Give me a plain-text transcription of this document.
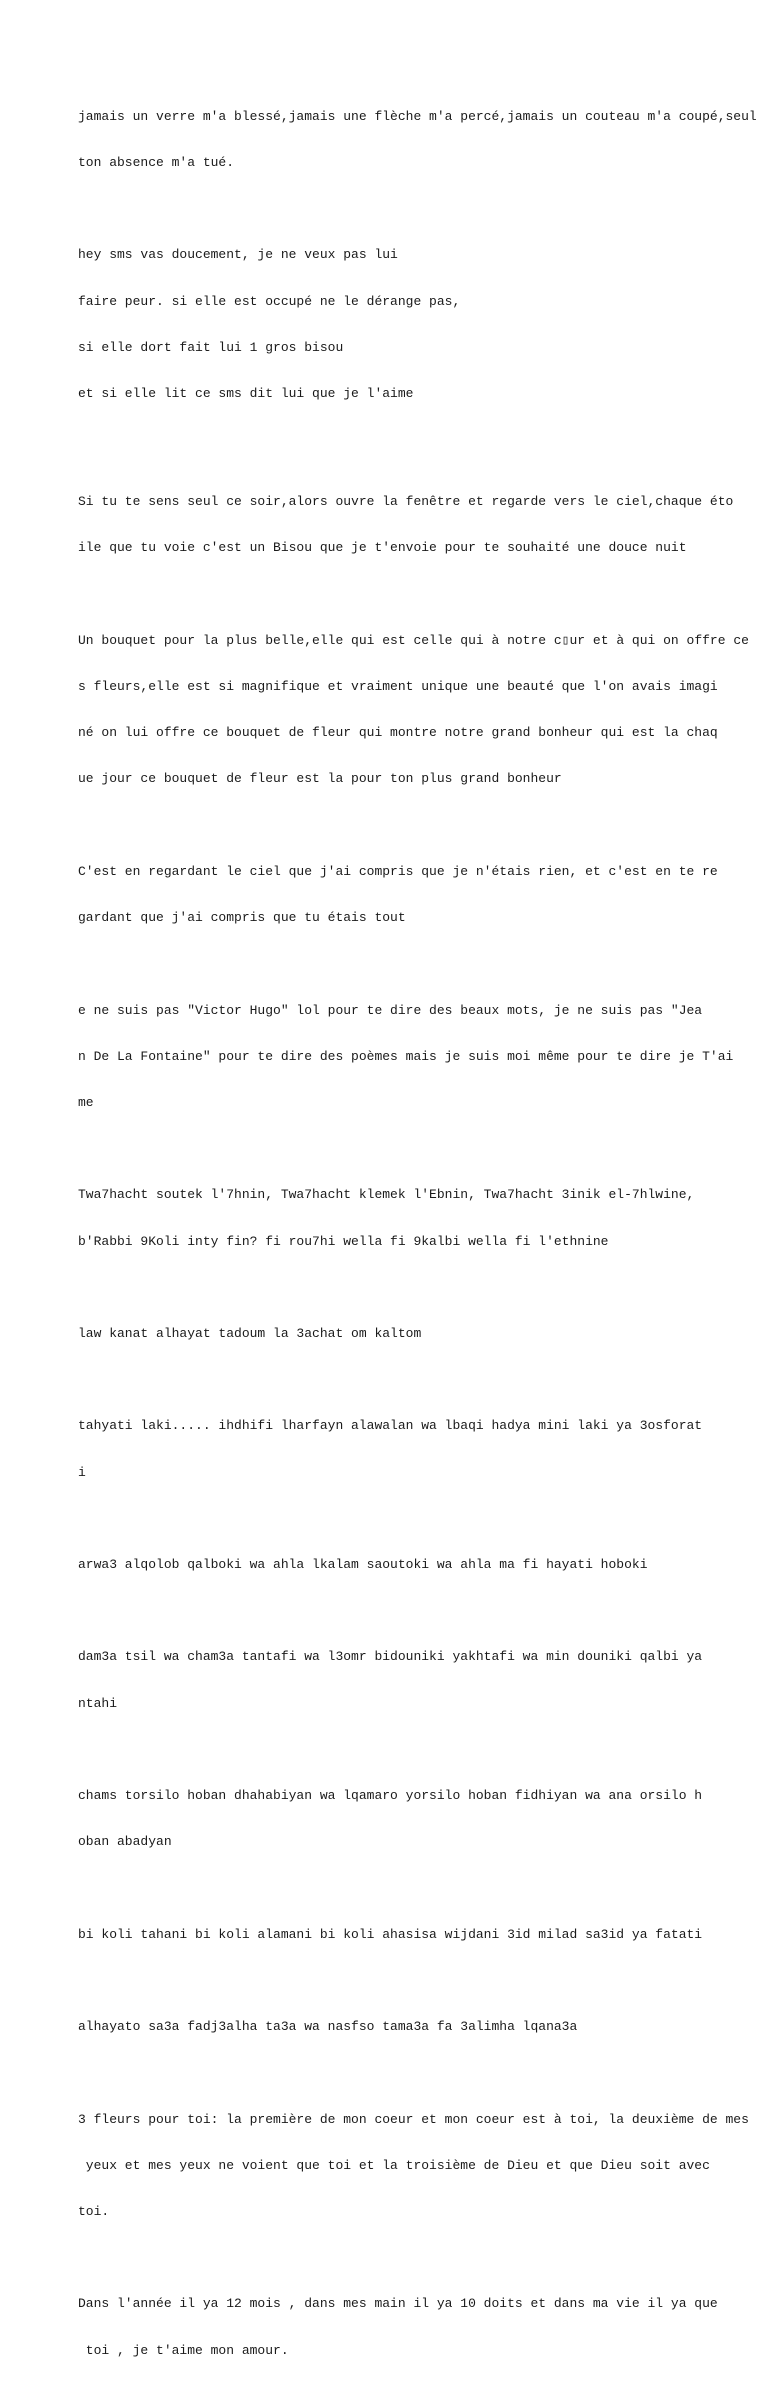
jamais un verre m'a blessé,jamais une flèche m'a percé,jamais un couteau m'a coupé,seul

ton absence m'a tué.

hey sms vas doucement, je ne veux pas lui

faire peur. si elle est occupé ne le dérange pas,

si elle dort fait lui 1 gros bisou

et si elle lit ce sms dit lui que je l'aime

Si tu te sens seul ce soir,alors ouvre la fenêtre et regarde vers le ciel,chaque éto

ile que tu voie c'est un Bisou que je t'envoie pour te souhaité une douce nuit

Un bouquet pour la plus belle,elle qui est celle qui à notre c▯ur et à qui on offre ce

s fleurs,elle est si magnifique et vraiment unique une beauté que l'on avais imagi

né on lui offre ce bouquet de fleur qui montre notre grand bonheur qui est la chaq

ue jour ce bouquet de fleur est la pour ton plus grand bonheur

C'est en regardant le ciel que j'ai compris que je n'étais rien, et c'est en te re

gardant que j'ai compris que tu étais tout

e ne suis pas "Victor Hugo" lol pour te dire des beaux mots, je ne suis pas "Jea

n De La Fontaine" pour te dire des poèmes mais je suis moi même pour te dire je T'ai

me

Twa7hacht soutek l'7hnin, Twa7hacht klemek l'Ebnin, Twa7hacht 3inik el-7hlwine,

b'Rabbi 9Koli inty fin? fi rou7hi wella fi 9kalbi wella fi l'ethnine

law kanat alhayat tadoum la 3achat om kaltom

tahyati laki..... ihdhifi lharfayn alawalan wa lbaqi hadya mini laki ya 3osforat

i

arwa3 alqolob qalboki wa ahla lkalam saoutoki wa ahla ma fi hayati hoboki

dam3a tsil wa cham3a tantafi wa l3omr bidouniki yakhtafi wa min douniki qalbi ya

ntahi

chams torsilo hoban dhahabiyan wa lqamaro yorsilo hoban fidhiyan wa ana orsilo h

oban abadyan

bi koli tahani bi koli alamani bi koli ahasisa wijdani 3id milad sa3id ya fatati

alhayato sa3a fadj3alha ta3a wa nasfso tama3a fa 3alimha lqana3a

3 fleurs pour toi: la première de mon coeur et mon coeur est à toi, la deuxième de mes

yeux et mes yeux ne voient que toi et la troisième de Dieu et que Dieu soit avec

toi.

Dans l'année il ya 12 mois , dans mes main il ya 10 doits et dans ma vie il ya que

toi , je t'aime mon amour.
